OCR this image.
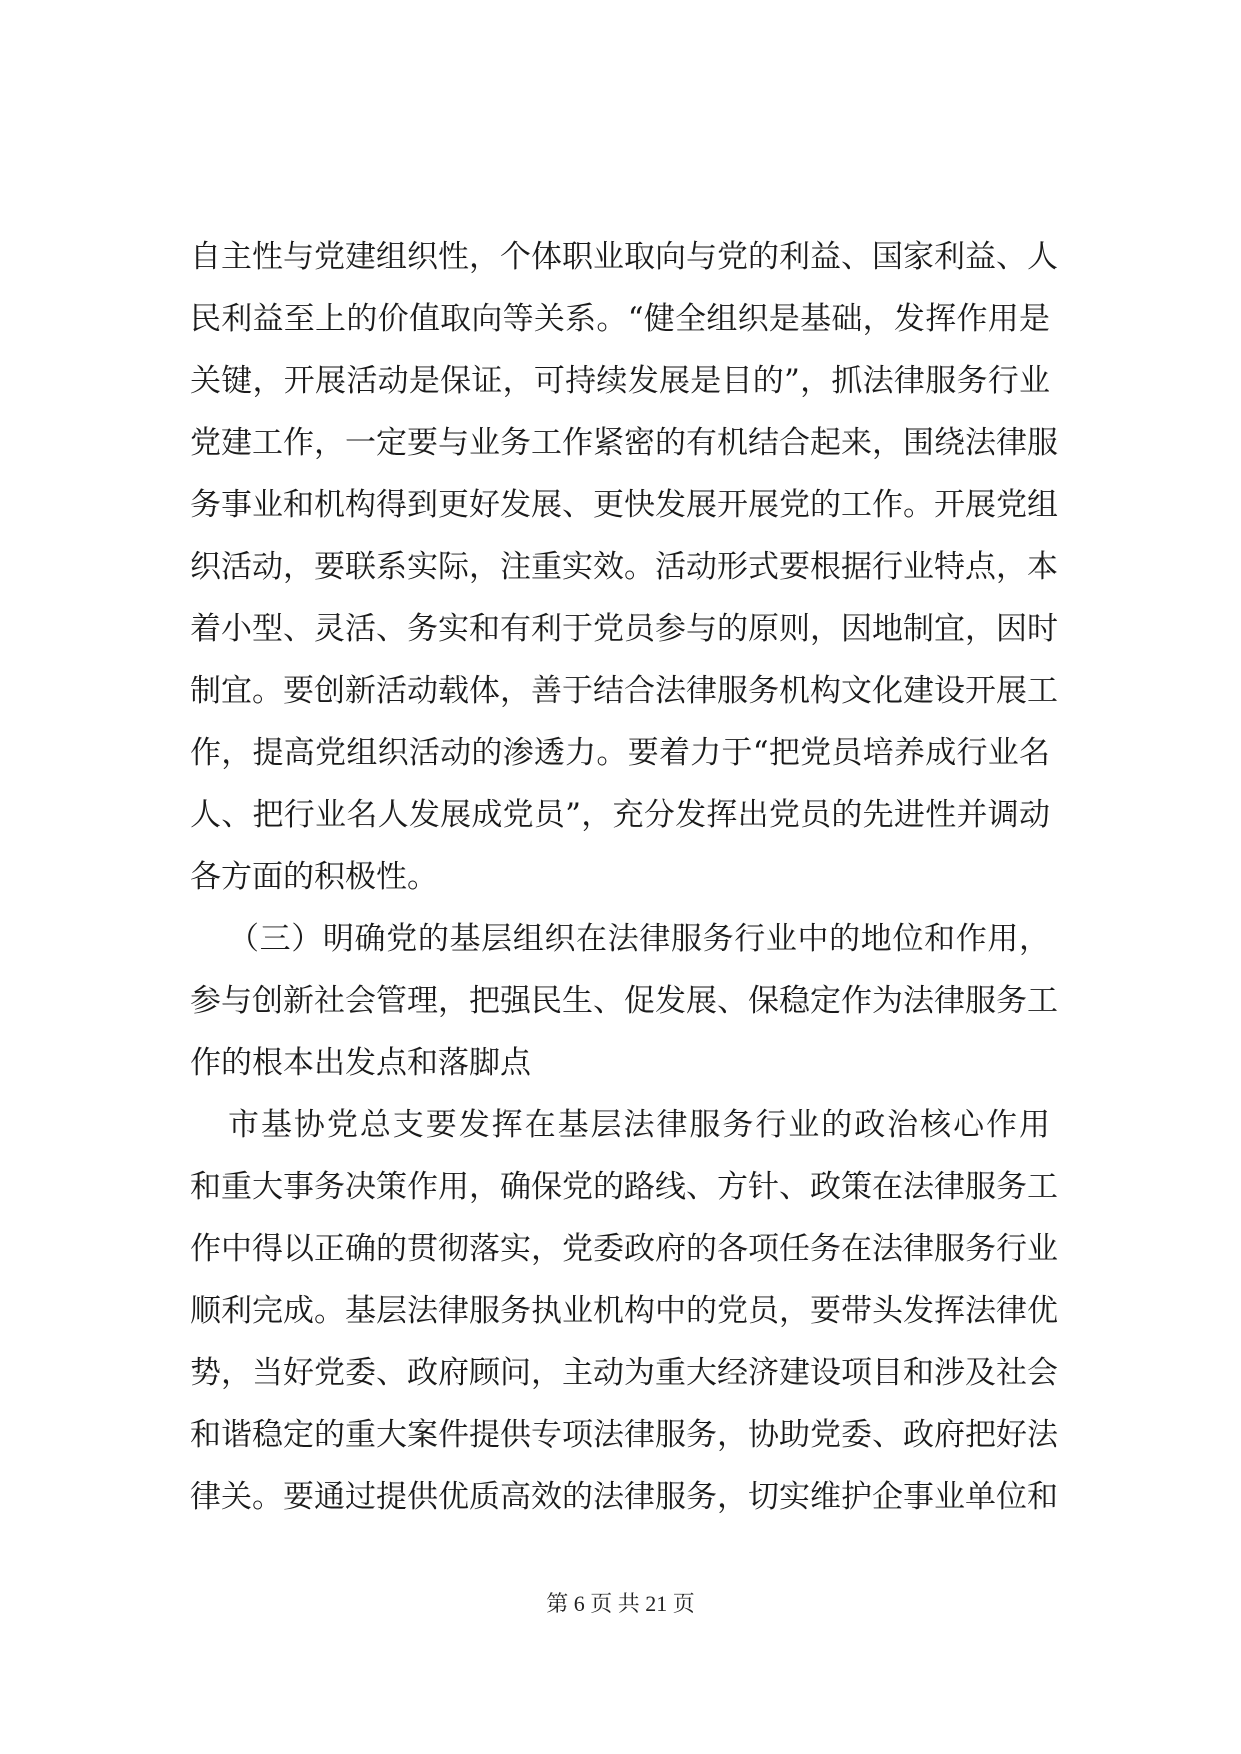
自主性与党建组织性，个体职业取向与党的利益、国家利益、人
民利益至上的价值取向等关系。“健全组织是基础，发挥作用是
关键，开展活动是保证，可持续发展是目的”，抓法律服务行业
党建工作，一定要与业务工作紧密的有机结合起来，围绕法律服
务事业和机构得到更好发展、更快发展开展党的工作。开展党组
织活动，要联系实际，注重实效。活动形式要根据行业特点，本
着小型、灵活、务实和有利于党员参与的原则，因地制宜，因时
制宜。要创新活动载体，善于结合法律服务机构文化建设开展工
作，提高党组织活动的渗透力。要着力于“把党员培养成行业名
人、把行业名人发展成党员”，充分发挥出党员的先进性并调动
各方面的积极性。
（三）明确党的基层组织在法律服务行业中的地位和作用，
参与创新社会管理，把强民生、促发展、保稳定作为法律服务工
作的根本出发点和落脚点
市基协党总支要发挥在基层法律服务行业的政治核心作用
和重大事务决策作用，确保党的路线、方针、政策在法律服务工
作中得以正确的贯彻落实，党委政府的各项任务在法律服务行业
顺利完成。基层法律服务执业机构中的党员，要带头发挥法律优
势，当好党委、政府顾问，主动为重大经济建设项目和涉及社会
和谐稳定的重大案件提供专项法律服务，协助党委、政府把好法
律关。要通过提供优质高效的法律服务，切实维护企事业单位和
第 6 页 共 21 页
